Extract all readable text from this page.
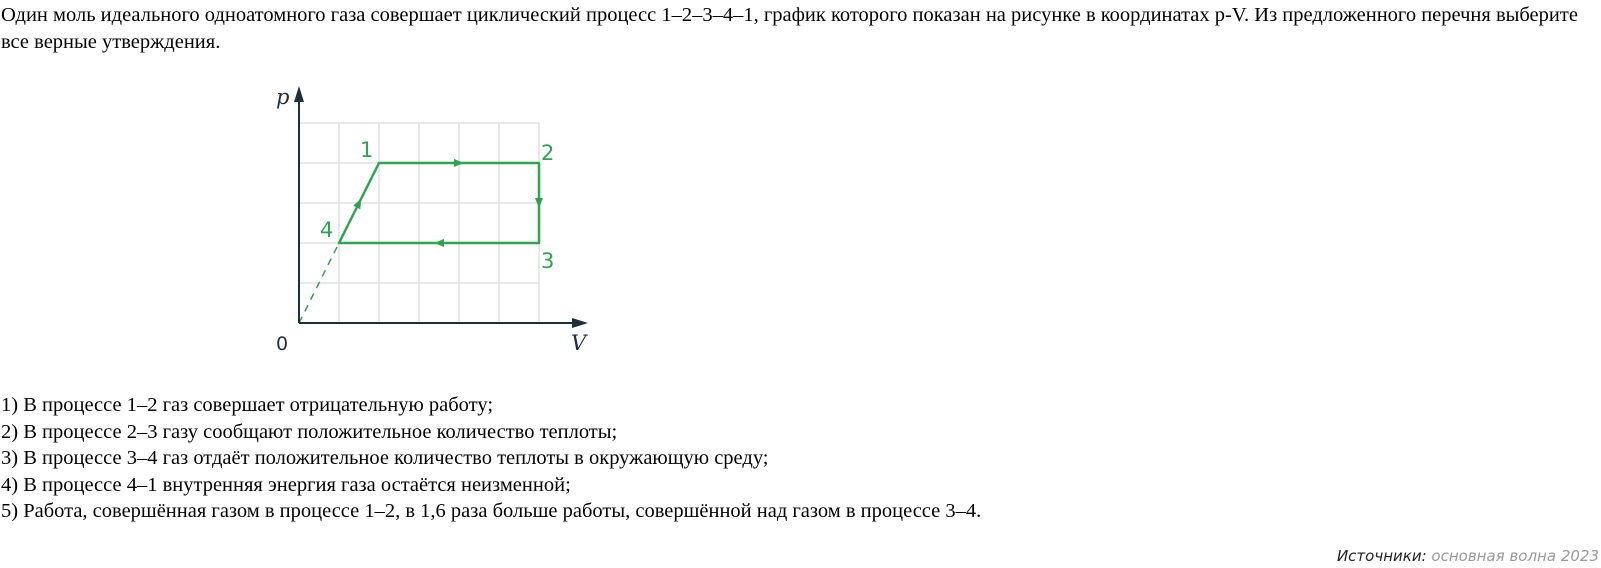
Один моль идеального одноатомного газа совершает циклический процесс 1–2–3–4–1, график которого показан на рисунке в координатах p-V. Из предложенного перечня выберите все верные утверждения.
p
V
0
1	2
3
4
1) В процессе 1–2 газ совершает отрицательную работу;
2) В процессе 2–3 газу сообщают положительное количество теплоты;
3) В процессе 3–4 газ отдаёт положительное количество теплоты в окружающую среду;
4) В процессе 4–1 внутренняя энергия газа остаётся неизменной;
5) Работа, совершённая газом в процессе 1–2, в 1,6 раза больше работы, совершённой над газом в процессе 3–4.
Источники: основная волна 2023
